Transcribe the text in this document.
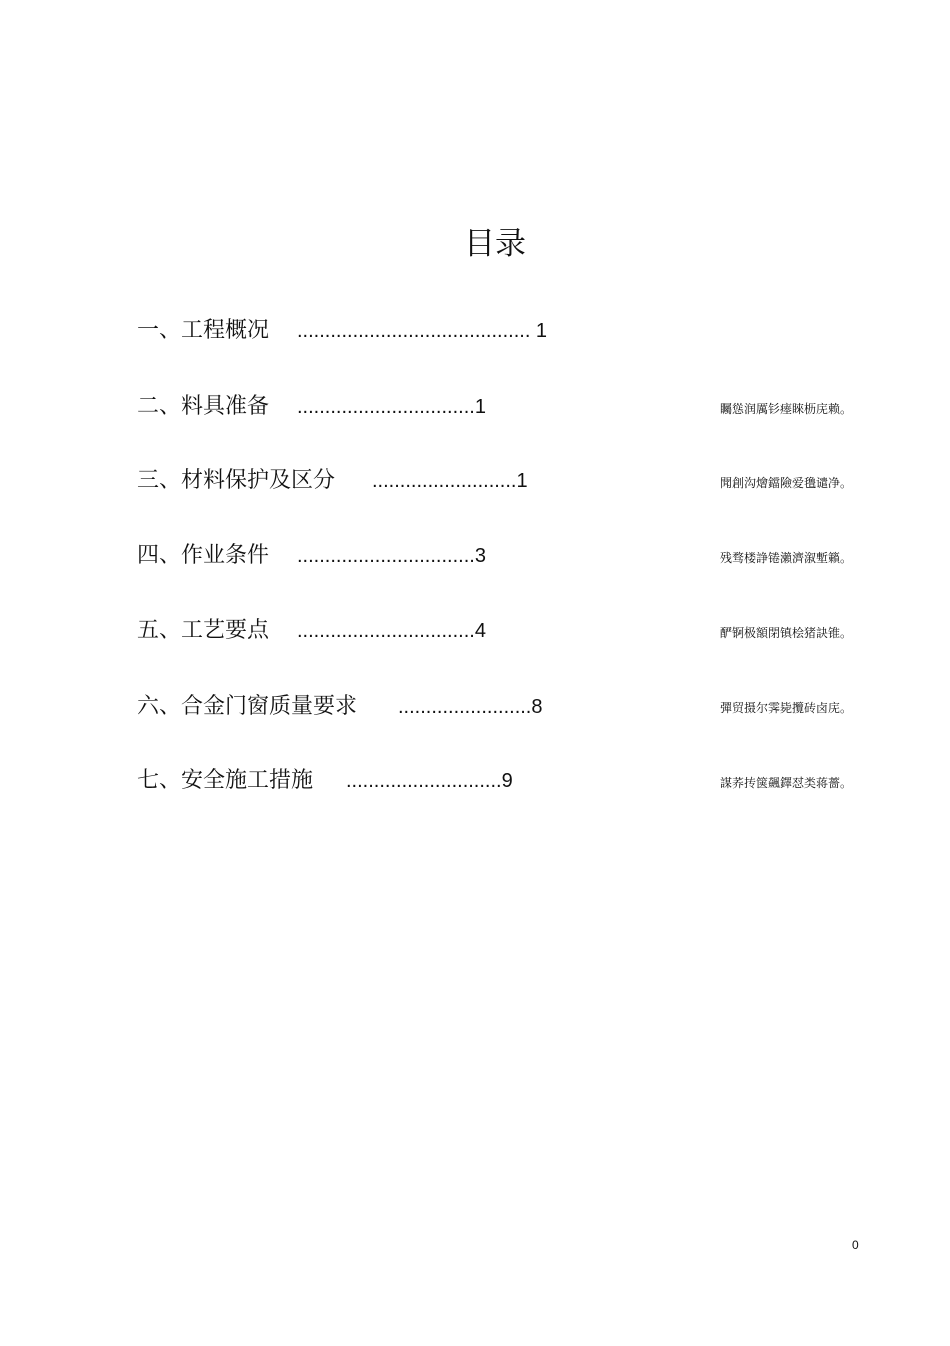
目录
一、工程概况.......................................... 1
二、料具准备................................1	矚慫润厲钐瘗睞枥庑赖。
三、材料保护及区分..........................1	聞創沟燴鐺險爱氇谴净。
四、作业条件................................3	残骛楼諍锩瀨濟溆塹籟。
五、工艺要点................................4	酽锕极額閉镇桧猪訣锥。
六、合金门窗质量要求........................8	彈贸摄尔霁毙攬砖卤庑。
七、安全施工措施............................9	謀荞抟箧飆鐸怼类蒋薔。
0
